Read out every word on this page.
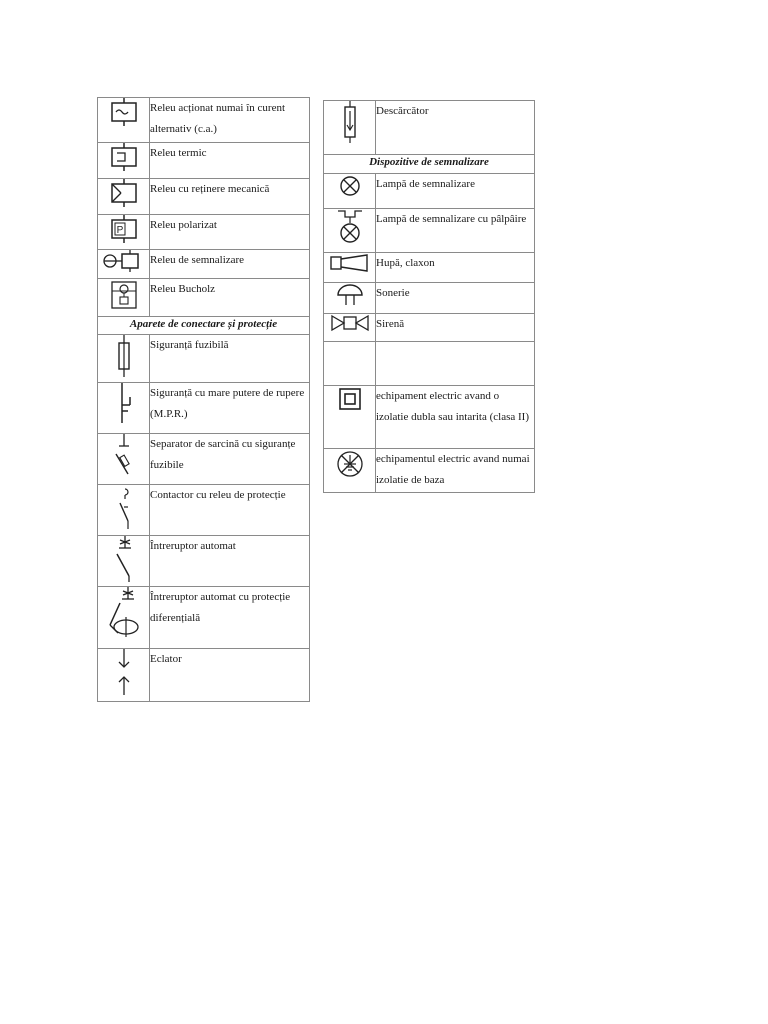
	Releu acționat numai în curent alternativ (c.a.)

	Releu termic

	Releu cu reținere mecanică

P	Releu polarizat

	Releu de semnalizare

	Releu Bucholz
Aparete de conectare și protecție	

	Siguranță fuzibilă

	Siguranță cu mare putere de rupere (M.P.R.)

	Separator de sarcină cu siguranțe fuzibile

	Contactor cu releu de protecție

	Întreruptor automat

	Întreruptor automat cu protecție diferențială

	Eclator
	Descărcător
Dispozitive de semnalizare	

	Lampă de semnalizare

	Lampă de semnalizare cu pâlpâire

	Hupă, claxon

	Sonerie

	Sirenă

	echipament electric avand o izolatie dubla sau intarita (clasa II)

	echipamentul electric avand numai izolatie de baza
